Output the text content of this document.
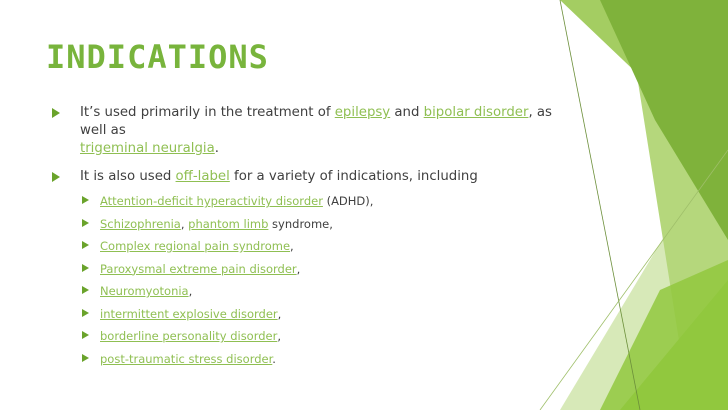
INDICATIONS
It’s used primarily in the treatment of epilepsy and bipolar disorder, as well as
trigeminal neuralgia.
It is also used off-label for a variety of indications, including
Attention-deficit hyperactivity disorder (ADHD),
Schizophrenia, phantom limb syndrome,
Complex regional pain syndrome,
Paroxysmal extreme pain disorder,
Neuromyotonia,
intermittent explosive disorder,
borderline personality disorder,
post-traumatic stress disorder.
